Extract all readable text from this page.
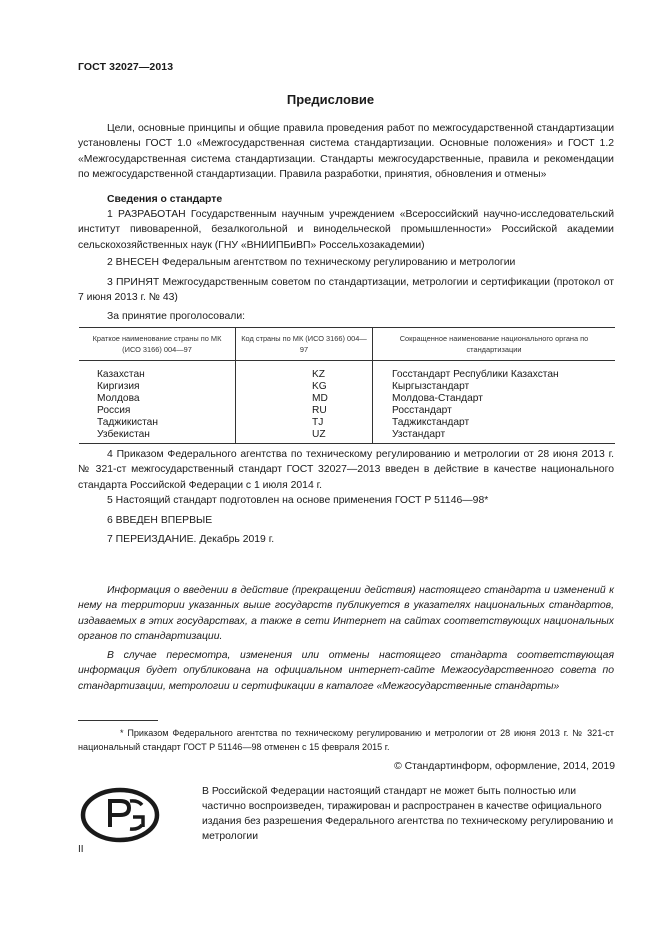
ГОСТ 32027—2013
Предисловие
Цели, основные принципы и общие правила проведения работ по межгосударственной стандартизации установлены ГОСТ 1.0 «Межгосударственная система стандартизации. Основные положения» и ГОСТ 1.2 «Межгосударственная система стандартизации. Стандарты межгосударственные, правила и рекомендации по межгосударственной стандартизации. Правила разработки, принятия, обновления и отмены»
Сведения о стандарте
1 РАЗРАБОТАН Государственным научным учреждением «Всероссийский научно-исследовательский институт пивоваренной, безалкогольной и винодельческой промышленности» Российской академии сельскохозяйственных наук (ГНУ «ВНИИПБиВП» Россельхозакадемии)
2 ВНЕСЕН Федеральным агентством по техническому регулированию и метрологии
3 ПРИНЯТ Межгосударственным советом по стандартизации, метрологии и сертификации (протокол от 7 июня 2013 г. № 43)
За принятие проголосовали:
Краткое наименование страны по МК (ИСО 3166) 004—97	Код страны по МК (ИСО 3166) 004—97	Сокращенное наименование национального органа по стандартизации
Казахстан	KZ	Госстандарт Республики Казахстан
Киргизия	KG	Кыргызстандарт
Молдова	MD	Молдова-Стандарт
Россия	RU	Росстандарт
Таджикистан	TJ	Таджикстандарт
Узбекистан	UZ	Узстандарт
4 Приказом Федерального агентства по техническому регулированию и метрологии от 28 июня 2013 г. № 321-ст межгосударственный стандарт ГОСТ 32027—2013 введен в действие в качестве национального стандарта Российской Федерации с 1 июля 2014 г.
5 Настоящий стандарт подготовлен на основе применения ГОСТ Р 51146—98*
6 ВВЕДЕН ВПЕРВЫЕ
7 ПЕРЕИЗДАНИЕ. Декабрь 2019 г.
Информация о введении в действие (прекращении действия) настоящего стандарта и изменений к нему на территории указанных выше государств публикуется в указателях национальных стандартов, издаваемых в этих государствах, а также в сети Интернет на сайтах соответствующих национальных органов по стандартизации.
В случае пересмотра, изменения или отмены настоящего стандарта соответствующая информация будет опубликована на официальном интернет-сайте Межгосударственного совета по стандартизации, метрологии и сертификации в каталоге «Межгосударственные стандарты»
* Приказом Федерального агентства по техническому регулированию и метрологии от 28 июня 2013 г. № 321-ст национальный стандарт ГОСТ Р 51146—98 отменен с 15 февраля 2015 г.
© Стандартинформ, оформление, 2014, 2019
В Российской Федерации настоящий стандарт не может быть полностью или частично воспроизведен, тиражирован и распространен в качестве официального издания без разрешения Федерального агентства по техническому регулированию и метрологии
II
